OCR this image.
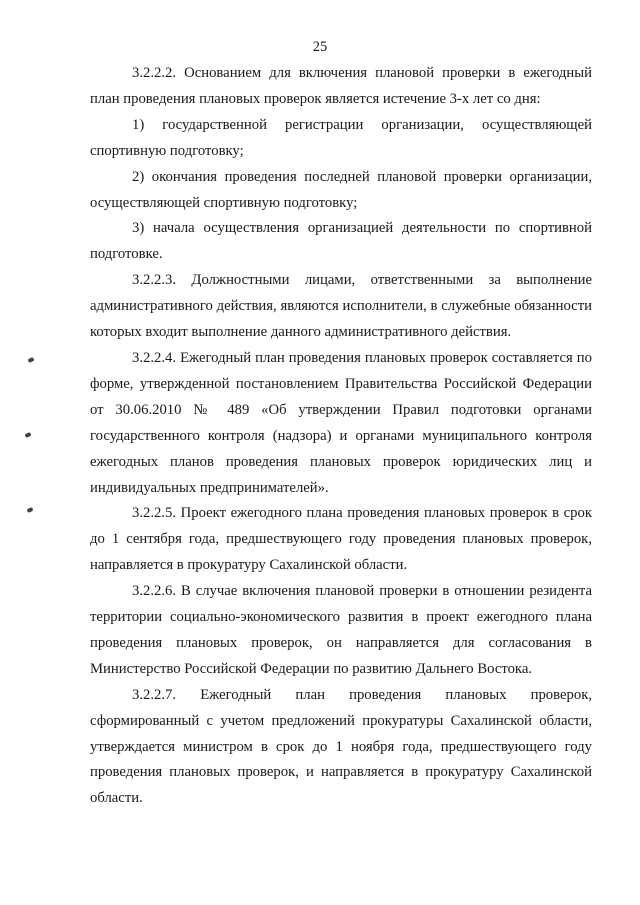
25

3.2.2.2. Основанием для включения плановой проверки в ежегодный план проведения плановых проверок является истечение 3-х лет со дня:

1) государственной регистрации организации, осуществляющей спортивную подготовку;

2) окончания проведения последней плановой проверки организации, осуществляющей спортивную подготовку;

3) начала осуществления организацией деятельности по спортивной подготовке.

3.2.2.3. Должностными лицами, ответственными за выполнение административного действия, являются исполнители, в служебные обязанности которых входит выполнение данного административного действия.

3.2.2.4. Ежегодный план проведения плановых проверок составляется по форме, утвержденной постановлением Правительства Российской Федерации от 30.06.2010 № 489 «Об утверждении Правил подготовки органами государственного контроля (надзора) и органами муниципального контроля ежегодных планов проведения плановых проверок юридических лиц и индивидуальных предпринимателей».

3.2.2.5. Проект ежегодного плана проведения плановых проверок в срок до 1 сентября года, предшествующего году проведения плановых проверок, направляется в прокуратуру Сахалинской области.

3.2.2.6. В случае включения плановой проверки в отношении резидента территории социально-экономического развития в проект ежегодного плана проведения плановых проверок, он направляется для согласования в Министерство Российской Федерации по развитию Дальнего Востока.

3.2.2.7. Ежегодный план проведения плановых проверок, сформированный с учетом предложений прокуратуры Сахалинской области, утверждается министром в срок до 1 ноября года, предшествующего году проведения плановых проверок, и направляется в прокуратуру Сахалинской области.
